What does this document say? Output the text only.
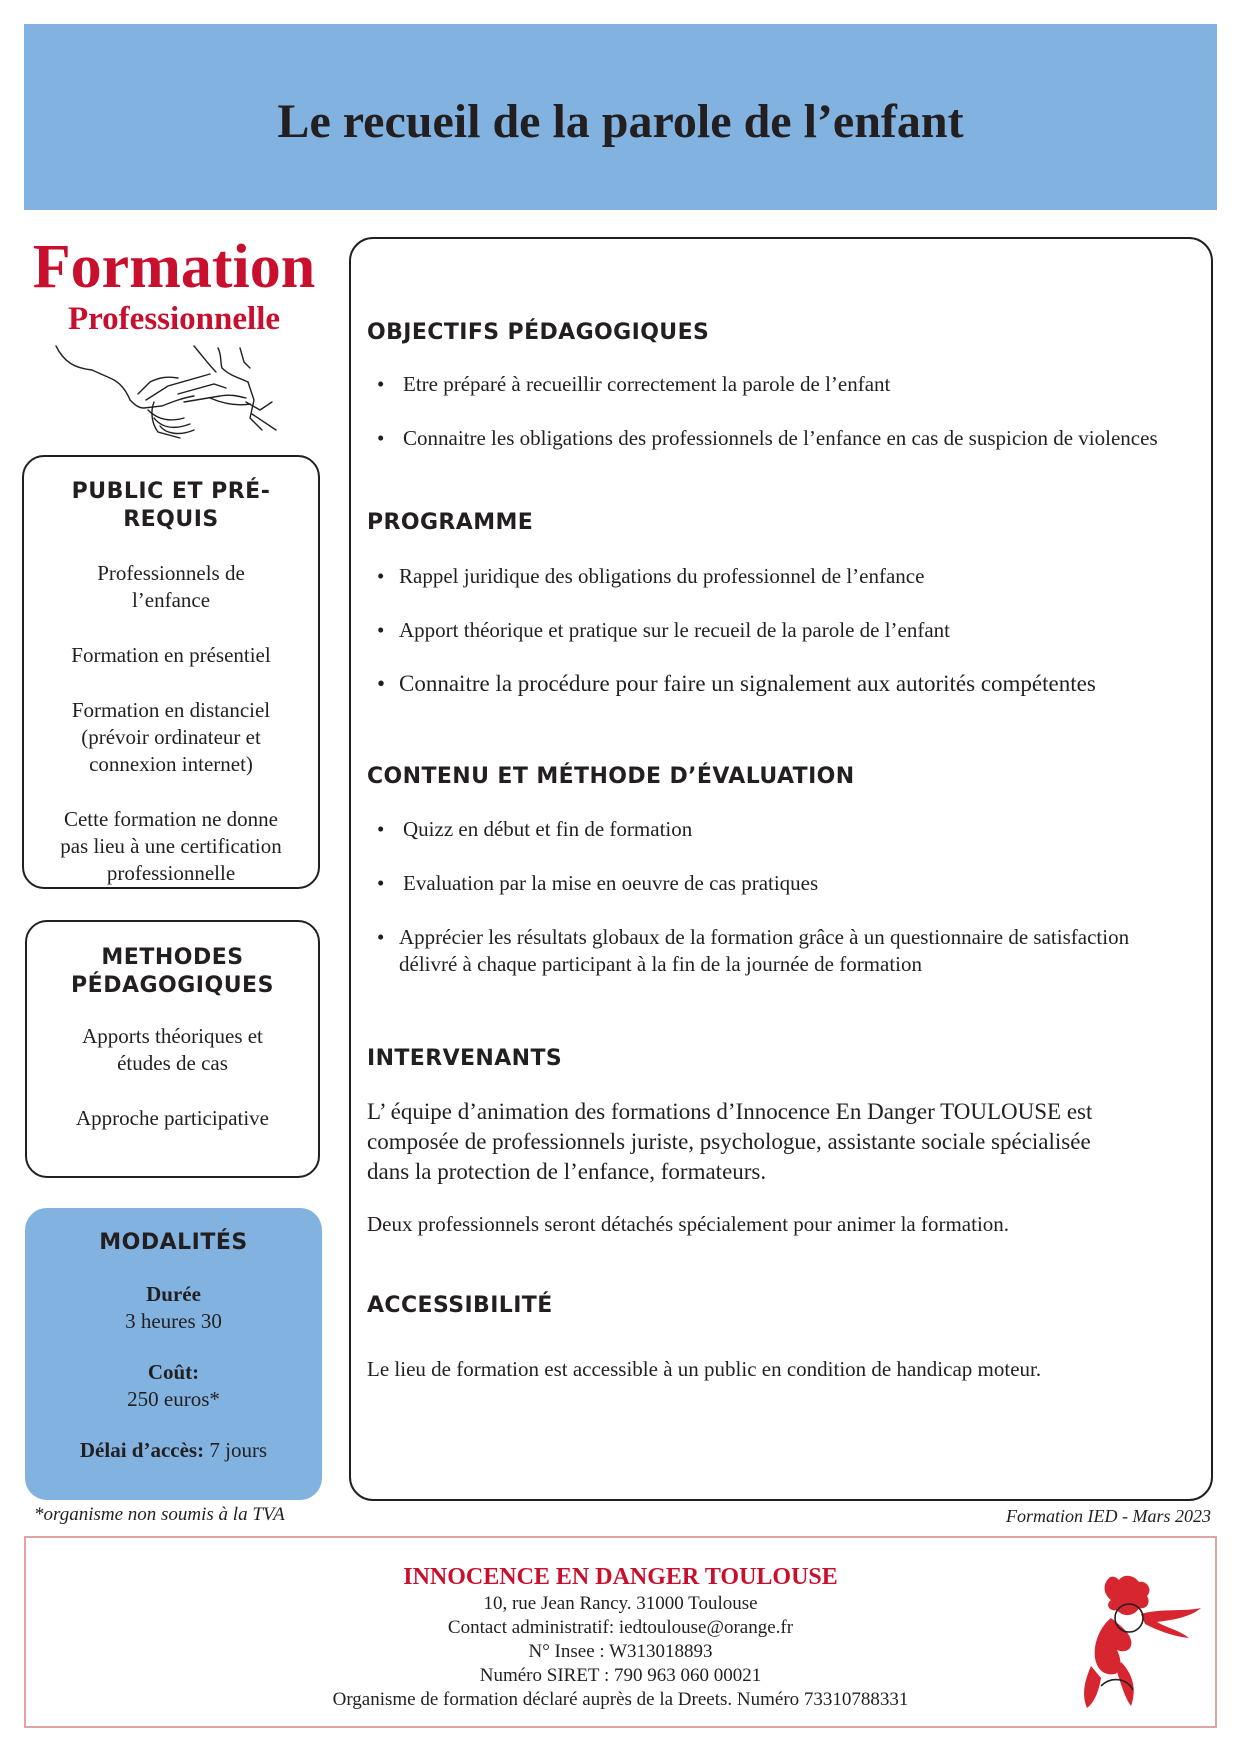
Le recueil de la parole de l’enfant
Formation
Professionnelle
PUBLIC ET PRÉ-REQUIS

Professionnels de l’enfance

Formation en présentiel

Formation en distanciel (prévoir ordinateur et connexion internet)

Cette formation ne donne pas lieu à une certification professionnelle

METHODES PÉDAGOGIQUES

Apports théoriques et études de cas

Approche participative

MODALITÉS
Durée
3 heures 30
Coût:
250 euros*
Délai d’accès: 7 jours
*organisme non soumis à la TVA	Formation IED - Mars 2023
OBJECTIFS PÉDAGOGIQUES
• Etre préparé à recueillir correctement la parole de l’enfant
• Connaitre les obligations des professionnels de l’enfance en cas de suspicion de violences
PROGRAMME
• Rappel juridique des obligations du professionnel de l’enfance
• Apport théorique et pratique sur le recueil de la parole de l’enfant
• Connaitre la procédure pour faire un signalement aux autorités compétentes
CONTENU ET MÉTHODE D’ÉVALUATION
• Quizz en début et fin de formation
• Evaluation par la mise en oeuvre de cas pratiques
• Apprécier les résultats globaux de la formation grâce à un questionnaire de satisfaction délivré à chaque participant à la fin de la journée de formation
INTERVENANTS

L’ équipe d’animation des formations d’Innocence En Danger TOULOUSE est composée de professionnels juriste, psychologue, assistante sociale spécialisée dans la protection de l’enfance, formateurs.

Deux professionnels seront détachés spécialement pour animer la formation.

ACCESSIBILITÉ

Le lieu de formation est accessible à un public en condition de handicap moteur.

INNOCENCE EN DANGER TOULOUSE
10, rue Jean Rancy. 31000 Toulouse
Contact administratif: iedtoulouse@orange.fr
N° Insee : W313018893
Numéro SIRET : 790 963 060 00021
Organisme de formation déclaré auprès de la Dreets. Numéro 73310788331
